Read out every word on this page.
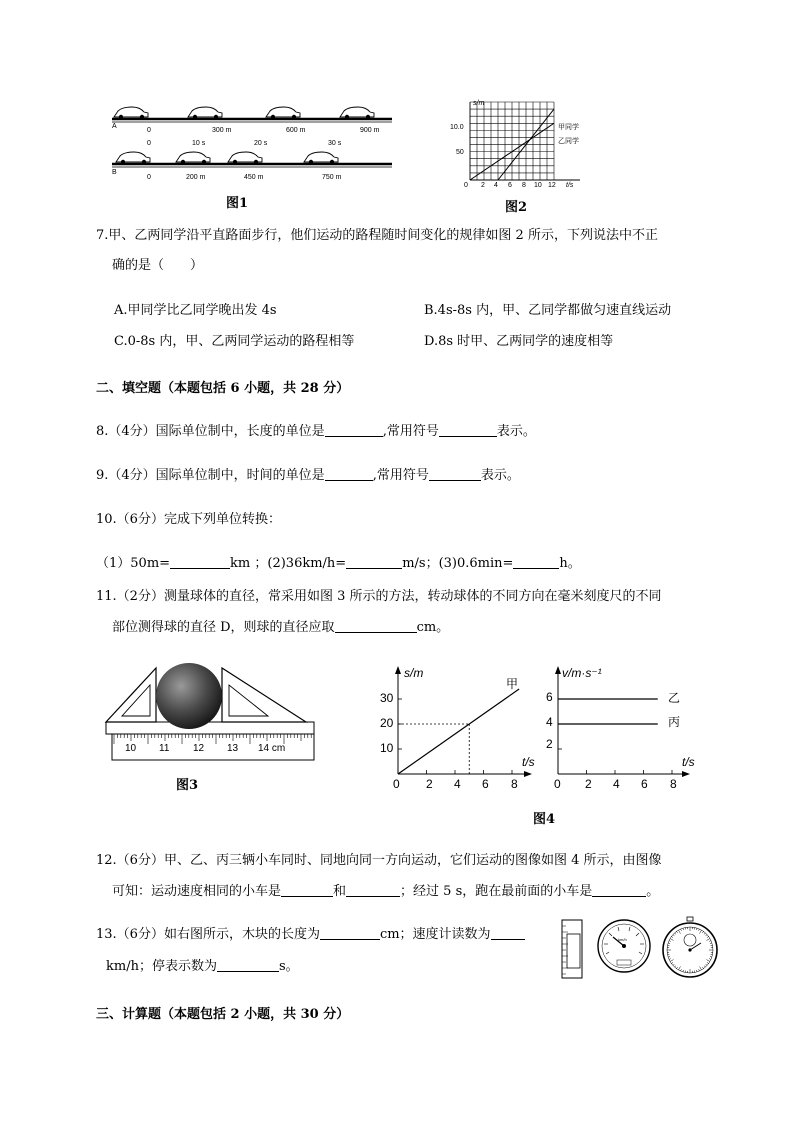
A
0	300 m	600 m	900 m
0	10 s	20 s	30 s
B
0	200 m	450 m	750 m
图1
s/m
10.0
50
0 2 4 6 8 10 12 t/s
甲同学
乙同学
图2
7.甲、乙两同学沿平直路面步行，他们运动的路程随时间变化的规律如图 2 所示，下列说法中不正
确的是（　　）
A.甲同学比乙同学晚出发 4s	B.4s-8s 内，甲、乙同学都做匀速直线运动
C.0-8s 内，甲、乙两同学运动的路程相等	D.8s 时甲、乙两同学的速度相等
二、填空题（本题包括 6 小题，共 28 分）
8.（4分）国际单位制中，长度的单位是	,常用符号	表示。
9.（4分）国际单位制中，时间的单位是	,常用符号	表示。
10.（6分）完成下列单位转换：
（1）50m=	km ；(2)36km/h=	m/s；(3)0.6min=	h。
11.（2分）测量球体的直径，常采用如图 3 所示的方法，转动球体的不同方向在毫米刻度尺的不同
部位测得球的直径 D，则球的直径应取	cm。
10 11 12 13 14 cm
图3
s/m
0
10
20
30
2 4 6 8
t/s
甲
v/m·s⁻¹
0
2
4
6
2 4 6 8
t/s
乙
丙
图4
12.（6分）甲、乙、丙三辆小车同时、同地向同一方向运动，它们运动的图像如图 4 所示，由图像
可知：运动速度相同的小车是	和	；经过 5 s，跑在最前面的小车是	。
13.（6分）如右图所示，木块的长度为	cm；速度计读数为
km/h；停表示数为	s。
km/h
三、计算题（本题包括 2 小题，共 30 分）
